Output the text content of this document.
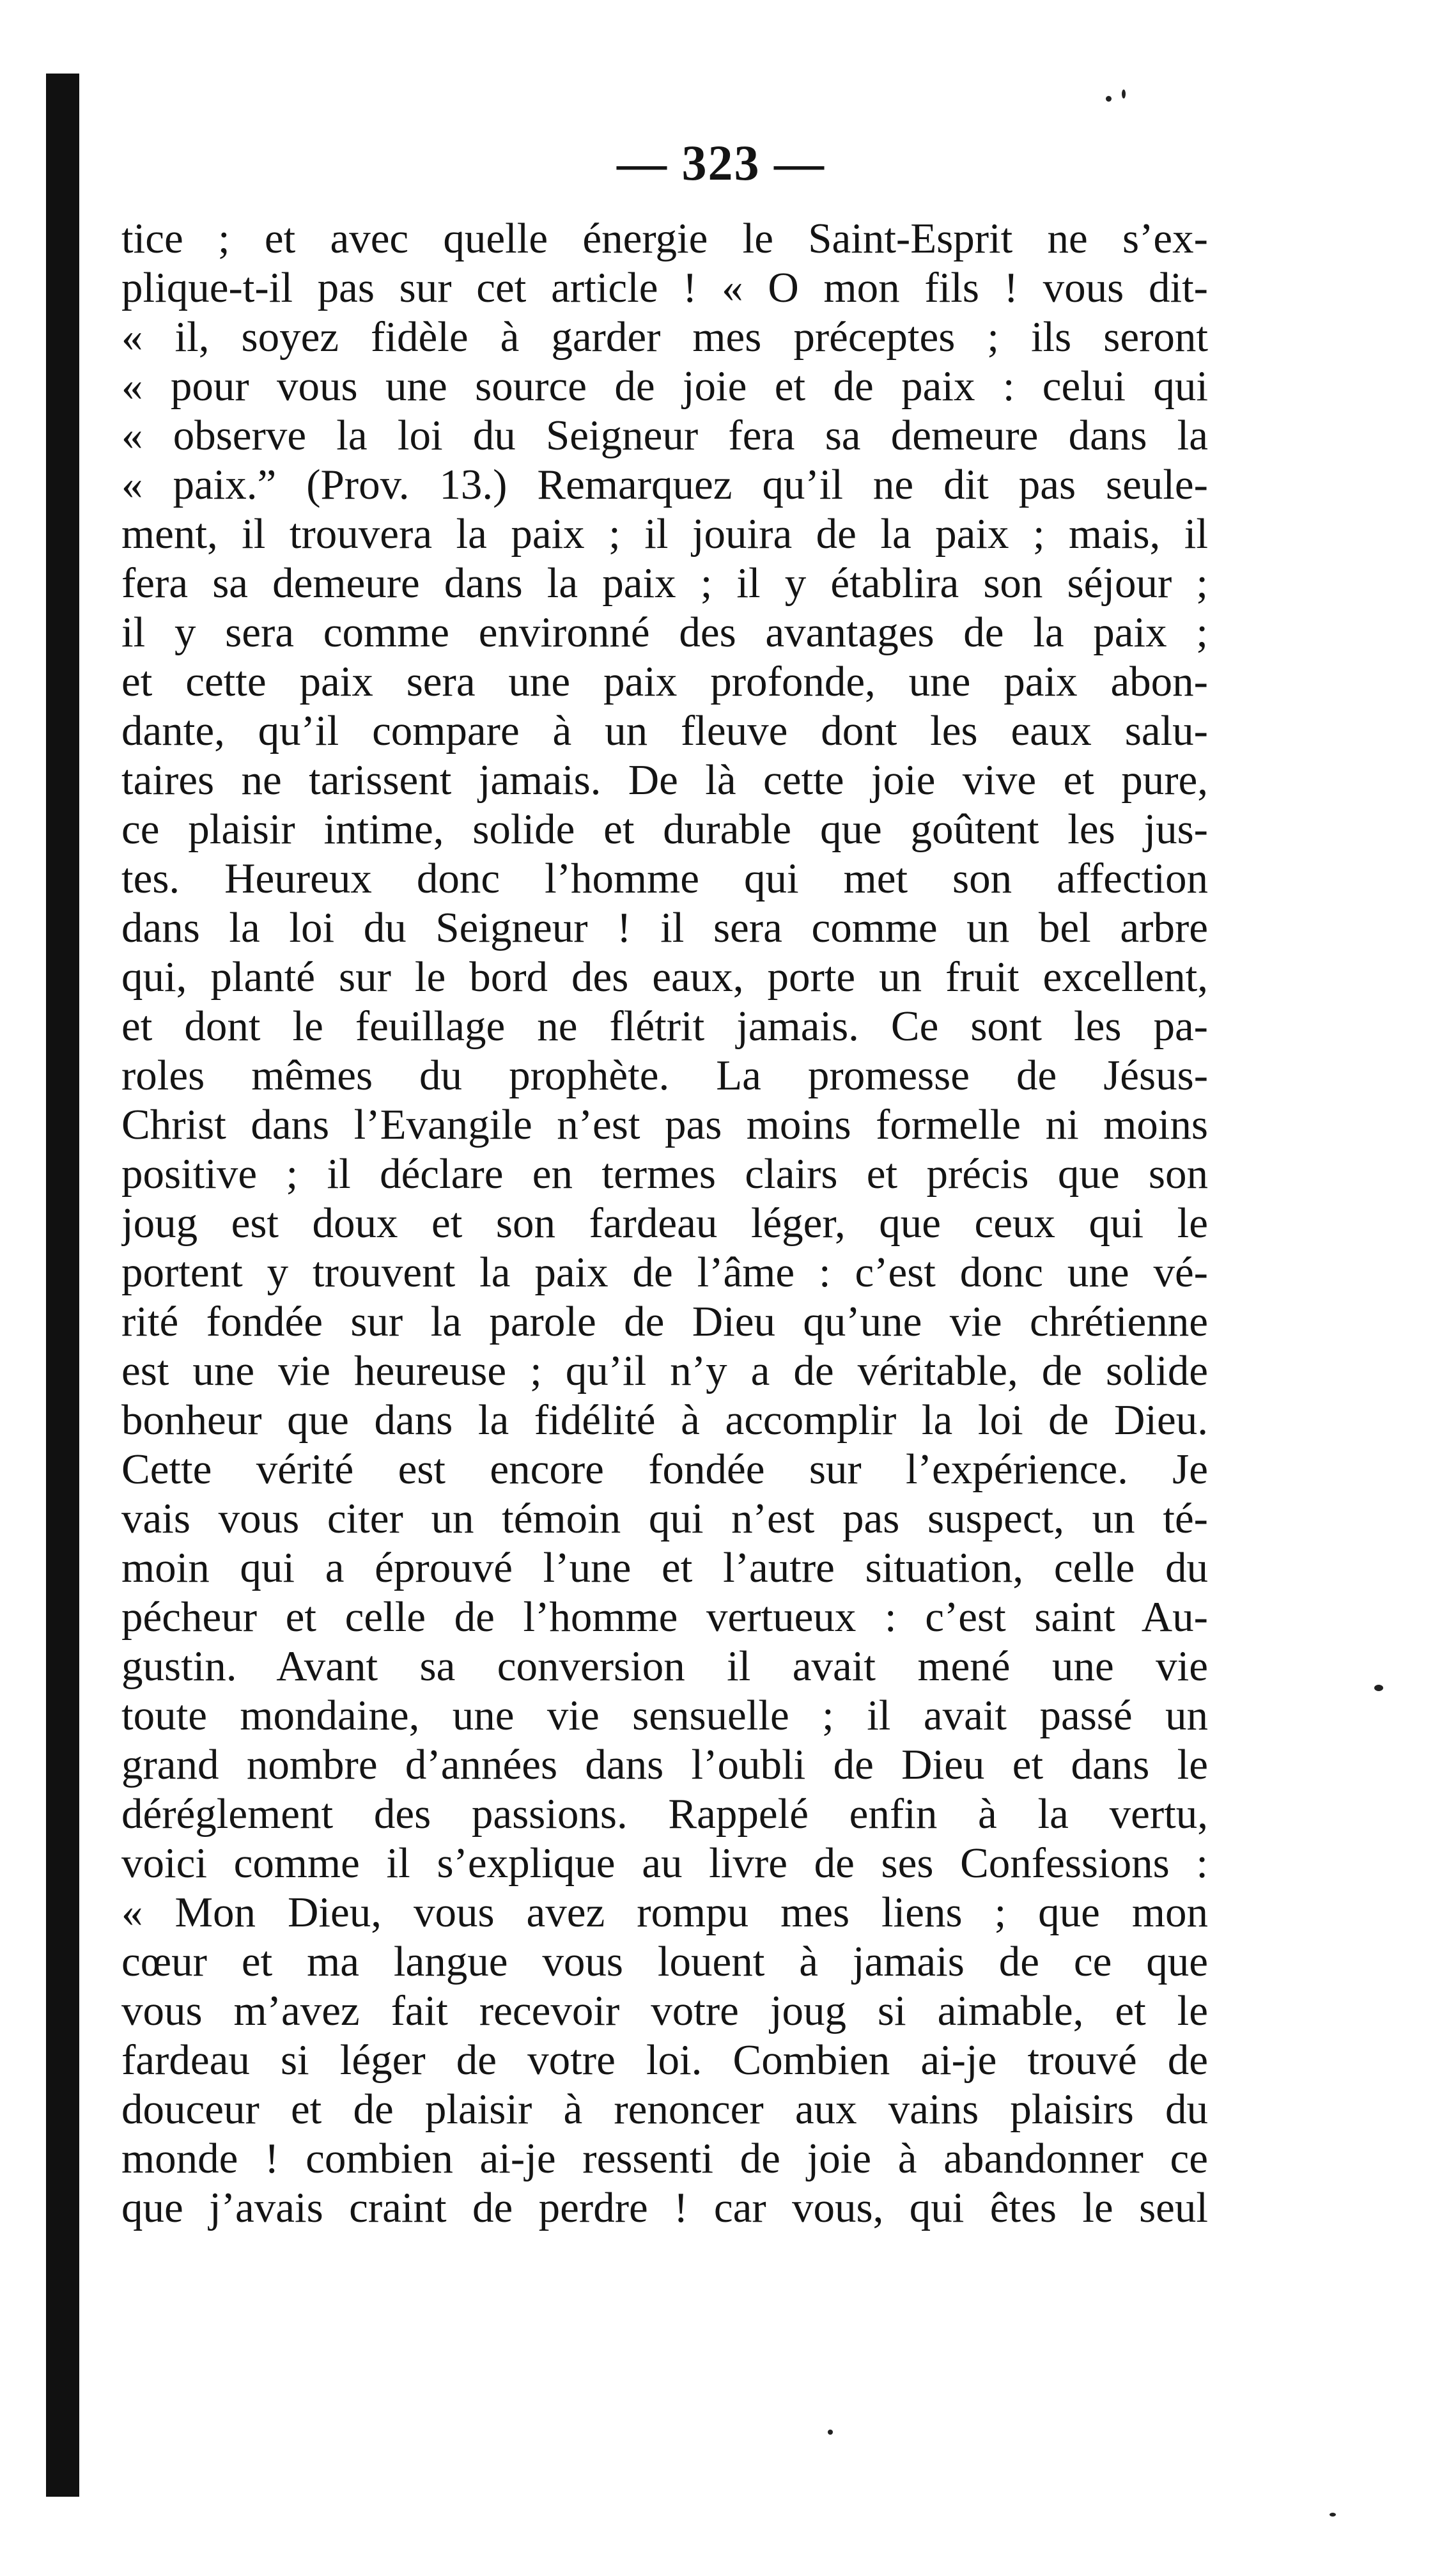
— 323 —
tice ; et avec quelle énergie le Saint-Esprit ne s’ex-
plique-t-il pas sur cet article ! « O mon fils ! vous dit-
« il, soyez fidèle à garder mes préceptes ; ils seront
« pour vous une source de joie et de paix : celui qui
« observe la loi du Seigneur fera sa demeure dans la
« paix.” (Prov. 13.) Remarquez qu’il ne dit pas seule-
ment, il trouvera la paix ; il jouira de la paix ; mais, il
fera sa demeure dans la paix ; il y établira son séjour ;
il y sera comme environné des avantages de la paix ;
et cette paix sera une paix profonde, une paix abon-
dante, qu’il compare à un fleuve dont les eaux salu-
taires ne tarissent jamais. De là cette joie vive et pure,
ce plaisir intime, solide et durable que goûtent les jus-
tes. Heureux donc l’homme qui met son affection
dans la loi du Seigneur ! il sera comme un bel arbre
qui, planté sur le bord des eaux, porte un fruit excellent,
et dont le feuillage ne flétrit jamais. Ce sont les pa-
roles mêmes du prophète. La promesse de Jésus-
Christ dans l’Evangile n’est pas moins formelle ni moins
positive ; il déclare en termes clairs et précis que son
joug est doux et son fardeau léger, que ceux qui le
portent y trouvent la paix de l’âme : c’est donc une vé-
rité fondée sur la parole de Dieu qu’une vie chrétienne
est une vie heureuse ; qu’il n’y a de véritable, de solide
bonheur que dans la fidélité à accomplir la loi de Dieu.
Cette vérité est encore fondée sur l’expérience. Je
vais vous citer un témoin qui n’est pas suspect, un té-
moin qui a éprouvé l’une et l’autre situation, celle du
pécheur et celle de l’homme vertueux : c’est saint Au-
gustin. Avant sa conversion il avait mené une vie
toute mondaine, une vie sensuelle ; il avait passé un
grand nombre d’années dans l’oubli de Dieu et dans le
déréglement des passions. Rappelé enfin à la vertu,
voici comme il s’explique au livre de ses Confessions :
« Mon Dieu, vous avez rompu mes liens ; que mon
cœur et ma langue vous louent à jamais de ce que
vous m’avez fait recevoir votre joug si aimable, et le
fardeau si léger de votre loi. Combien ai-je trouvé de
douceur et de plaisir à renoncer aux vains plaisirs du
monde ! combien ai-je ressenti de joie à abandonner ce
que j’avais craint de perdre ! car vous, qui êtes le seul
